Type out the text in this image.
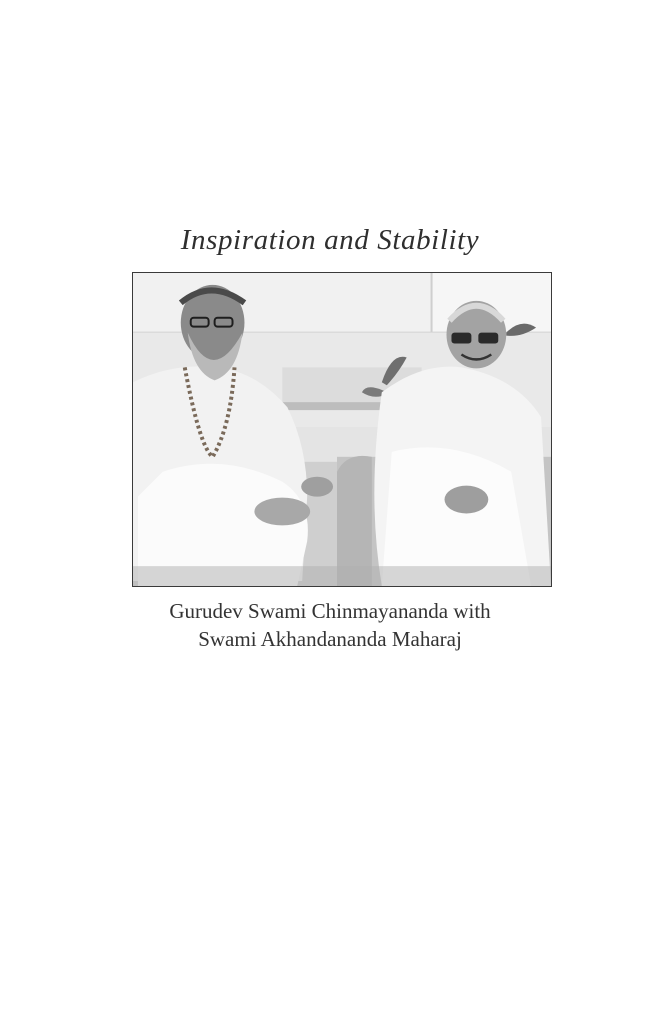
Inspiration and Stability
Gurudev Swami Chinmayananda with
Swami Akhandananda Maharaj
